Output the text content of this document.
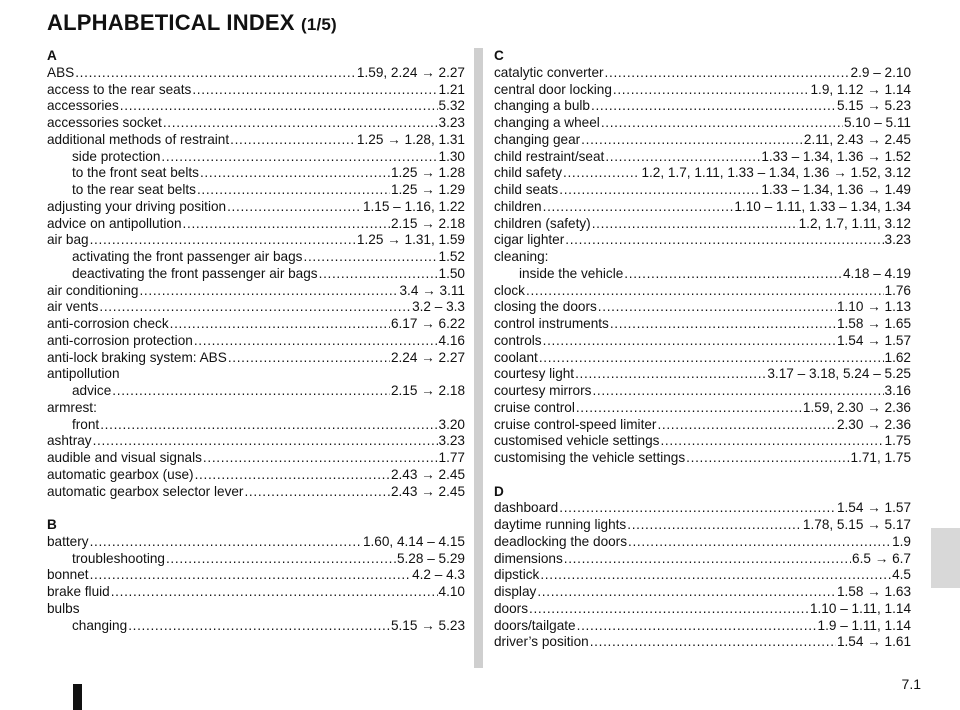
ALPHABETICAL INDEX (1/5)
A
ABS . . .	1.59, 2.24 → 2.27
access to the rear seats . . .	1.21
accessories . . .	5.32
accessories socket . . .	3.23
additional methods of restraint . . .	1.25 → 1.28, 1.31
side protection . . .	1.30
to the front seat belts . . .	1.25 → 1.28
to the rear seat belts . . .	1.25 → 1.29
adjusting your driving position . . .	1.15 – 1.16, 1.22
advice on antipollution . . .	2.15 → 2.18
air bag . . .	1.25 → 1.31, 1.59
activating the front passenger air bags . . .	1.52
deactivating the front passenger air bags . . .	1.50
air conditioning . . .	3.4 → 3.11
air vents . . .	3.2 – 3.3
anti-corrosion check . . .	6.17 → 6.22
anti-corrosion protection . . .	4.16
anti-lock braking system: ABS . . .	2.24 → 2.27
antipollution
advice . . .	2.15 → 2.18
armrest:
front . . .	3.20
ashtray . . .	3.23
audible and visual signals . . .	1.77
automatic gearbox (use) . . .	2.43 → 2.45
automatic gearbox selector lever . . .	2.43 → 2.45
B
battery . . .	1.60, 4.14 – 4.15
troubleshooting . . .	5.28 – 5.29
bonnet . . .	4.2 – 4.3
brake fluid . . .	4.10
bulbs
changing . . .	5.15 → 5.23
C
catalytic converter . . .	2.9 – 2.10
central door locking . . .	1.9, 1.12 → 1.14
changing a bulb . . .	5.15 → 5.23
changing a wheel . . .	5.10 – 5.11
changing gear . . .	2.11, 2.43 → 2.45
child restraint/seat . . .	1.33 – 1.34, 1.36 → 1.52
child safety . . .	1.2, 1.7, 1.11, 1.33 – 1.34, 1.36 → 1.52, 3.12
child seats . . .	1.33 – 1.34, 1.36 → 1.49
children . . .	1.10 – 1.11, 1.33 – 1.34, 1.34
children (safety) . . .	1.2, 1.7, 1.11, 3.12
cigar lighter . . .	3.23
cleaning:
inside the vehicle . . .	4.18 – 4.19
clock . . .	1.76
closing the doors . . .	1.10 → 1.13
control instruments . . .	1.58 → 1.65
controls . . .	1.54 → 1.57
coolant . . .	1.62
courtesy light . . .	3.17 – 3.18, 5.24 – 5.25
courtesy mirrors . . .	3.16
cruise control . . .	1.59, 2.30 → 2.36
cruise control-speed limiter . . .	2.30 → 2.36
customised vehicle settings . . .	1.75
customising the vehicle settings . . .	1.71, 1.75
D
dashboard . . .	1.54 → 1.57
daytime running lights . . .	1.78, 5.15 → 5.17
deadlocking the doors . . .	1.9
dimensions . . .	6.5 → 6.7
dipstick . . .	4.5
display . . .	1.58 → 1.63
doors . . .	1.10 – 1.11, 1.14
doors/tailgate . . .	1.9 – 1.11, 1.14
driver’s position . . .	1.54 → 1.61
7.1
